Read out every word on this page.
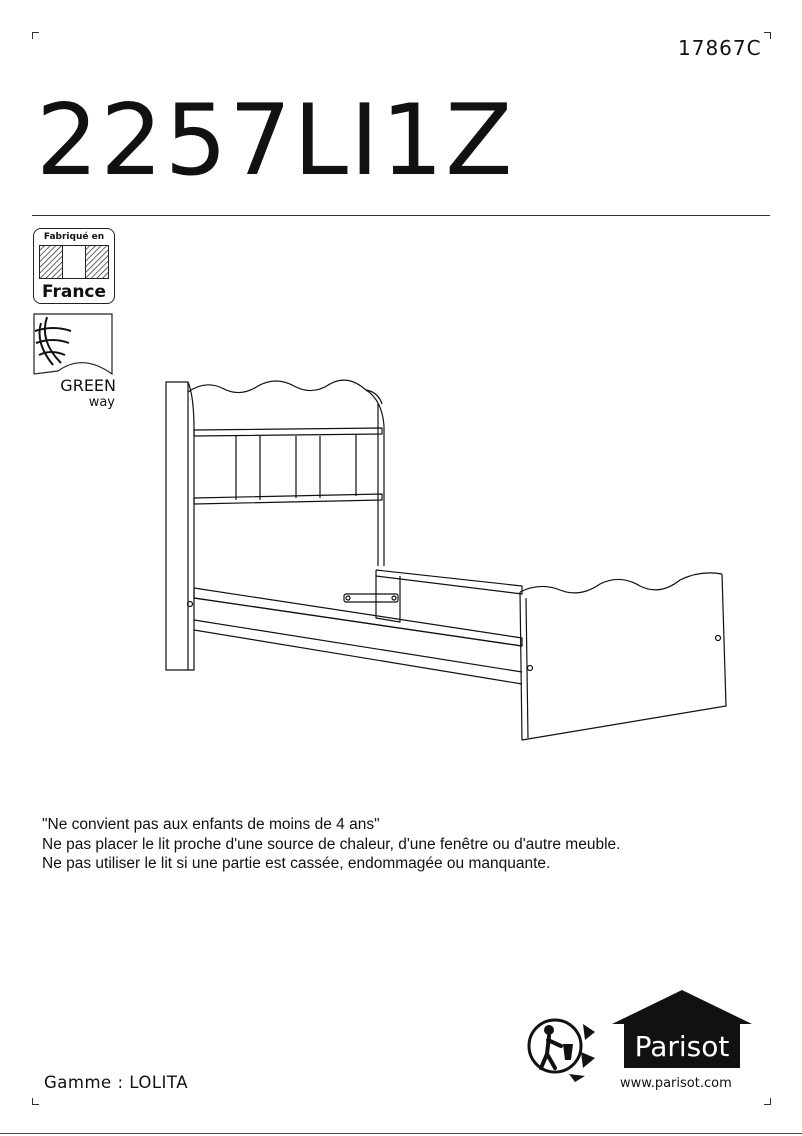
17867C
2257LI1Z
Fabriqué en
France
GREEN
way
"Ne convient pas aux enfants de moins de 4 ans"
Ne pas placer le lit proche d'une source de chaleur, d'une fenêtre ou d'autre meuble.
Ne pas utiliser le lit si une partie est cassée, endommagée ou manquante.
Gamme : LOLITA
Parisot
www.parisot.com
